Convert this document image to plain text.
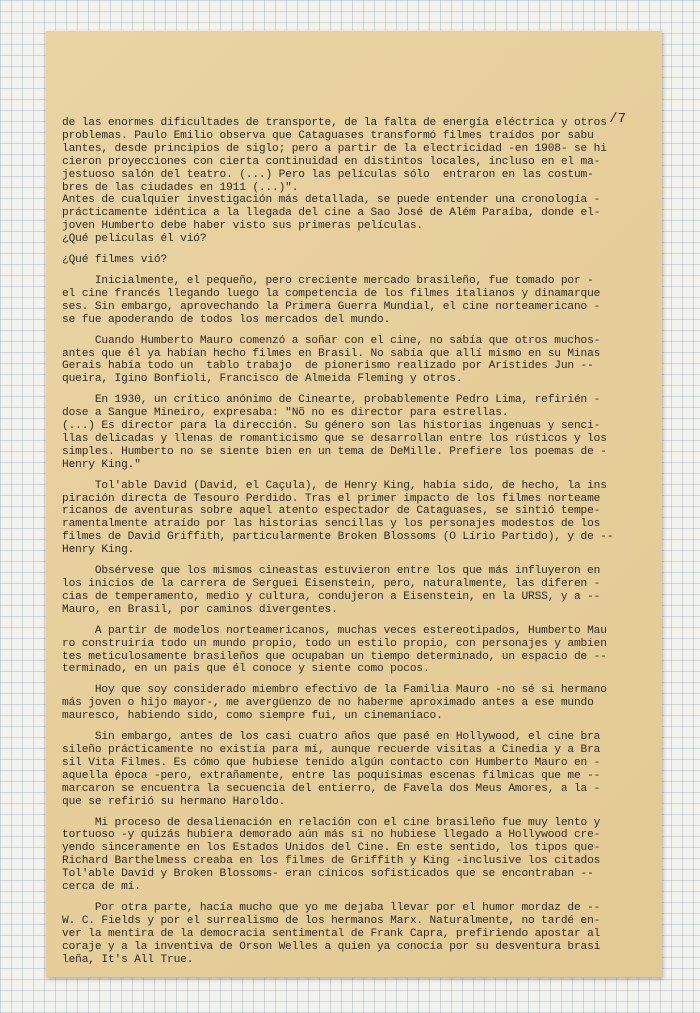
/7

de las enormes dificultades de transporte, de la falta de energía eléctrica y otros
problemas. Paulo Emilio observa que Cataguases transformó filmes traídos por sabu
lantes, desde principios de siglo; pero a partir de la electricidad -en 1908- se hi
cieron proyecciones con cierta continuidad en distintos locales, incluso en el ma-
jestuoso salón del teatro. (...) Pero las películas sólo  entraron en las costum-
bres de las ciudades en 1911 (...)".
Antes de cualquier investigación más detallada, se puede entender una cronología -
prácticamente idéntica a la llegada del cine a Sao José de Além Paraíba, donde el-
joven Humberto debe haber visto sus primeras películas.
¿Qué películas él vió?
¿Qué filmes vió?
Inicialmente, el pequeño, pero creciente mercado brasileño, fue tomado por -
el cine francés llegando luego la competencia de los filmes italianos y dinamarque
ses. Sin embargo, aprovechando la Primera Guerra Mundial, el cine norteamericano -
se fue apoderando de todos los mercados del mundo.
Cuando Humberto Mauro comenzó a soñar con el cine, no sabía que otros muchos-
antes que él ya habían hecho filmes en Brasil. No sabía que allí mismo en su Minas
Gerais había todo un  tablo trabajo  de pionerismo realizado por Arístides Jun --
queira, Igino Bonfioli, Francisco de Almeida Fleming y otros.
En 1930, un crítico anónimo de Cinearte, probablemente Pedro Lima, refirién -
dose a Sangue Mineiro, expresaba: "Nõ no es director para estrellas.
(...) Es director para la dirección. Su género son las historias ingenuas y senci-
llas delicadas y llenas de romanticismo que se desarrollan entre los rústicos y los
simples. Humberto no se siente bien en un tema de DeMille. Prefiere los poemas de -
Henry King."
Tol'able David (David, el Caçula), de Henry King, había sido, de hecho, la ins
piración directa de Tesouro Perdido. Tras el primer impacto de los filmes norteame
ricanos de aventuras sobre aquel atento espectador de Cataguases, se sintió tempe-
ramentalmente atraído por las historias sencillas y los personajes modestos de los
filmes de David Griffith, particularmente Broken Blossoms (O Lírio Partido), y de --
Henry King.
Obsérvese que los mismos cineastas estuvieron entre los que más influyeron en
los inicios de la carrera de Serguei Eisenstein, pero, naturalmente, las diferen -
cias de temperamento, medio y cultura, condujeron a Eisenstein, en la URSS, y a --
Mauro, en Brasil, por caminos divergentes.
A partir de modelos norteamericanos, muchas veces estereotipados, Humberto Mau
ro construiría todo un mundo propio, todo un estilo propio, con personajes y ambien
tes meticulosamente brasileños que ocupaban un tiempo determinado, un espacio de --
terminado, en un país que él conoce y siente como pocos.
Hoy que soy considerado miembro efectivo de la Familia Mauro -no sé si hermano
más joven o hijo mayor-, me avergüenzo de no haberme aproximado antes a ese mundo
mauresco, habiendo sido, como siempre fui, un cinemaníaco.
Sin embargo, antes de los casi cuatro años que pasé en Hollywood, el cine bra
sileño prácticamente no existía para mí, aunque recuerde visitas a Cinedia y a Bra
sil Vita Filmes. Es cómo que hubiese tenido algún contacto con Humberto Mauro en -
aquella época -pero, extrañamente, entre las poquísimas escenas fílmicas que me --
marcaron se encuentra la secuencia del entierro, de Favela dos Meus Amores, a la -
que se refirió su hermano Haroldo.
Mi proceso de desalienación en relación con el cine brasileño fue muy lento y
tortuoso -y quizás hubiera demorado aún más si no hubiese llegado a Hollywood cre-
yendo sinceramente en los Estados Unidos del Cine. En este sentido, los tipos que-
Richard Barthelmess creaba en los filmes de Griffith y King -inclusive los citados
Tol'able David y Broken Blossoms- eran cínicos sofisticados que se encontraban --
cerca de mí.
Por otra parte, hacía mucho que yo me dejaba llevar por el humor mordaz de --
W. C. Fields y por el surrealismo de los hermanos Marx. Naturalmente, no tardé en-
ver la mentira de la democracia sentimental de Frank Capra, prefiriendo apostar al
coraje y a la inventiva de Orson Welles a quien ya conocía por su desventura brasi
leña, It's All True.
